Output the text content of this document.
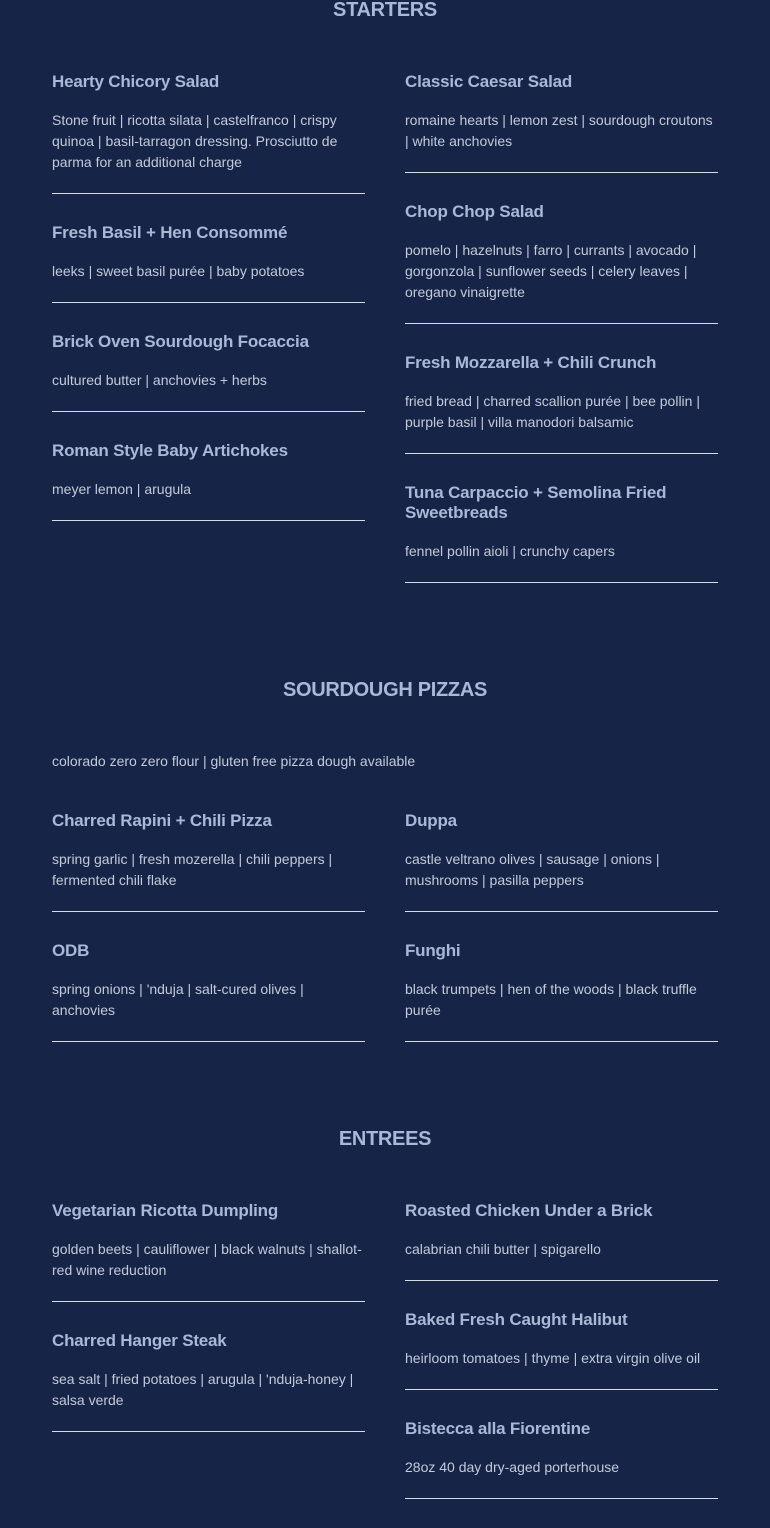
STARTERS
Hearty Chicory Salad

Stone fruit | ricotta silata | castelfranco | crispy quinoa | basil-tarragon dressing. Prosciutto de parma for an additional charge

Fresh Basil + Hen Consommé

leeks | sweet basil purée | baby potatoes

Brick Oven Sourdough Focaccia

cultured butter | anchovies + herbs

Roman Style Baby Artichokes

meyer lemon | arugula

Classic Caesar Salad

romaine hearts | lemon zest | sourdough croutons | white anchovies

Chop Chop Salad

pomelo | hazelnuts | farro | currants | avocado | gorgonzola | sunflower seeds | celery leaves | oregano vinaigrette

Fresh Mozzarella + Chili Crunch

fried bread | charred scallion purée | bee pollin | purple basil | villa manodori balsamic

Tuna Carpaccio + Semolina Fried Sweetbreads

fennel pollin aioli | crunchy capers

SOURDOUGH PIZZAS

colorado zero zero flour | gluten free pizza dough available

Charred Rapini + Chili Pizza

spring garlic | fresh mozerella | chili peppers | fermented chili flake

ODB

spring onions | 'nduja | salt-cured olives | anchovies

Duppa

castle veltrano olives | sausage | onions | mushrooms | pasilla peppers

Funghi

black trumpets | hen of the woods | black truffle purée

ENTREES
Vegetarian Ricotta Dumpling

golden beets | cauliflower | black walnuts | shallot-red wine reduction

Charred Hanger Steak

sea salt | fried potatoes | arugula | 'nduja-honey | salsa verde

Roasted Chicken Under a Brick

calabrian chili butter | spigarello

Baked Fresh Caught Halibut

heirloom tomatoes | thyme | extra virgin olive oil

Bistecca alla Fiorentine

28oz 40 day dry-aged porterhouse
